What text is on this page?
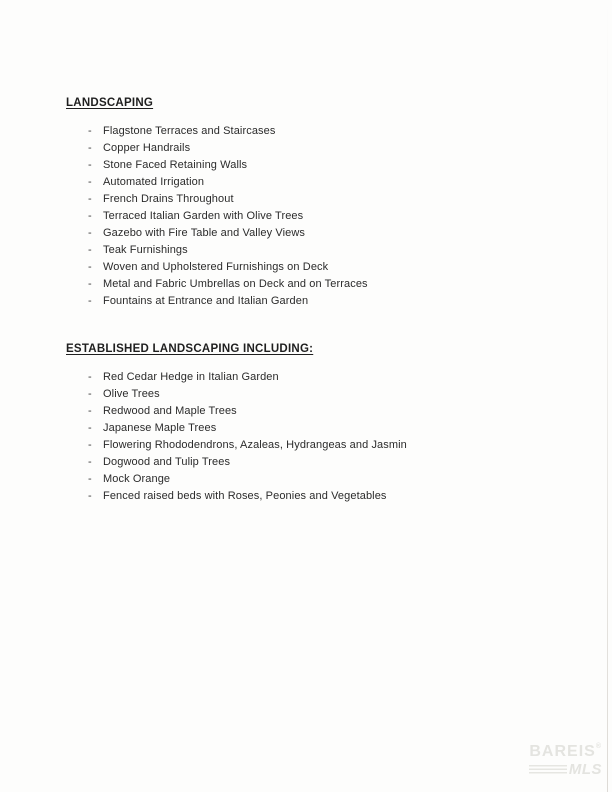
LANDSCAPING
-	Flagstone Terraces and Staircases
-	Copper Handrails
-	Stone Faced Retaining Walls
-	Automated Irrigation
-	French Drains Throughout
-	Terraced Italian Garden with Olive Trees
-	Gazebo with Fire Table and Valley Views
-	Teak Furnishings
-	Woven and Upholstered Furnishings on Deck
-	Metal and Fabric Umbrellas on Deck and on Terraces
-	Fountains at Entrance and Italian Garden
ESTABLISHED LANDSCAPING INCLUDING:
-	Red Cedar Hedge in Italian Garden
-	Olive Trees
-	Redwood and Maple Trees
-	Japanese Maple Trees
-	Flowering Rhododendrons, Azaleas, Hydrangeas and Jasmin
-	Dogwood and Tulip Trees
-	Mock Orange
-	Fenced raised beds with Roses, Peonies and Vegetables
BAREIS®
MLS
